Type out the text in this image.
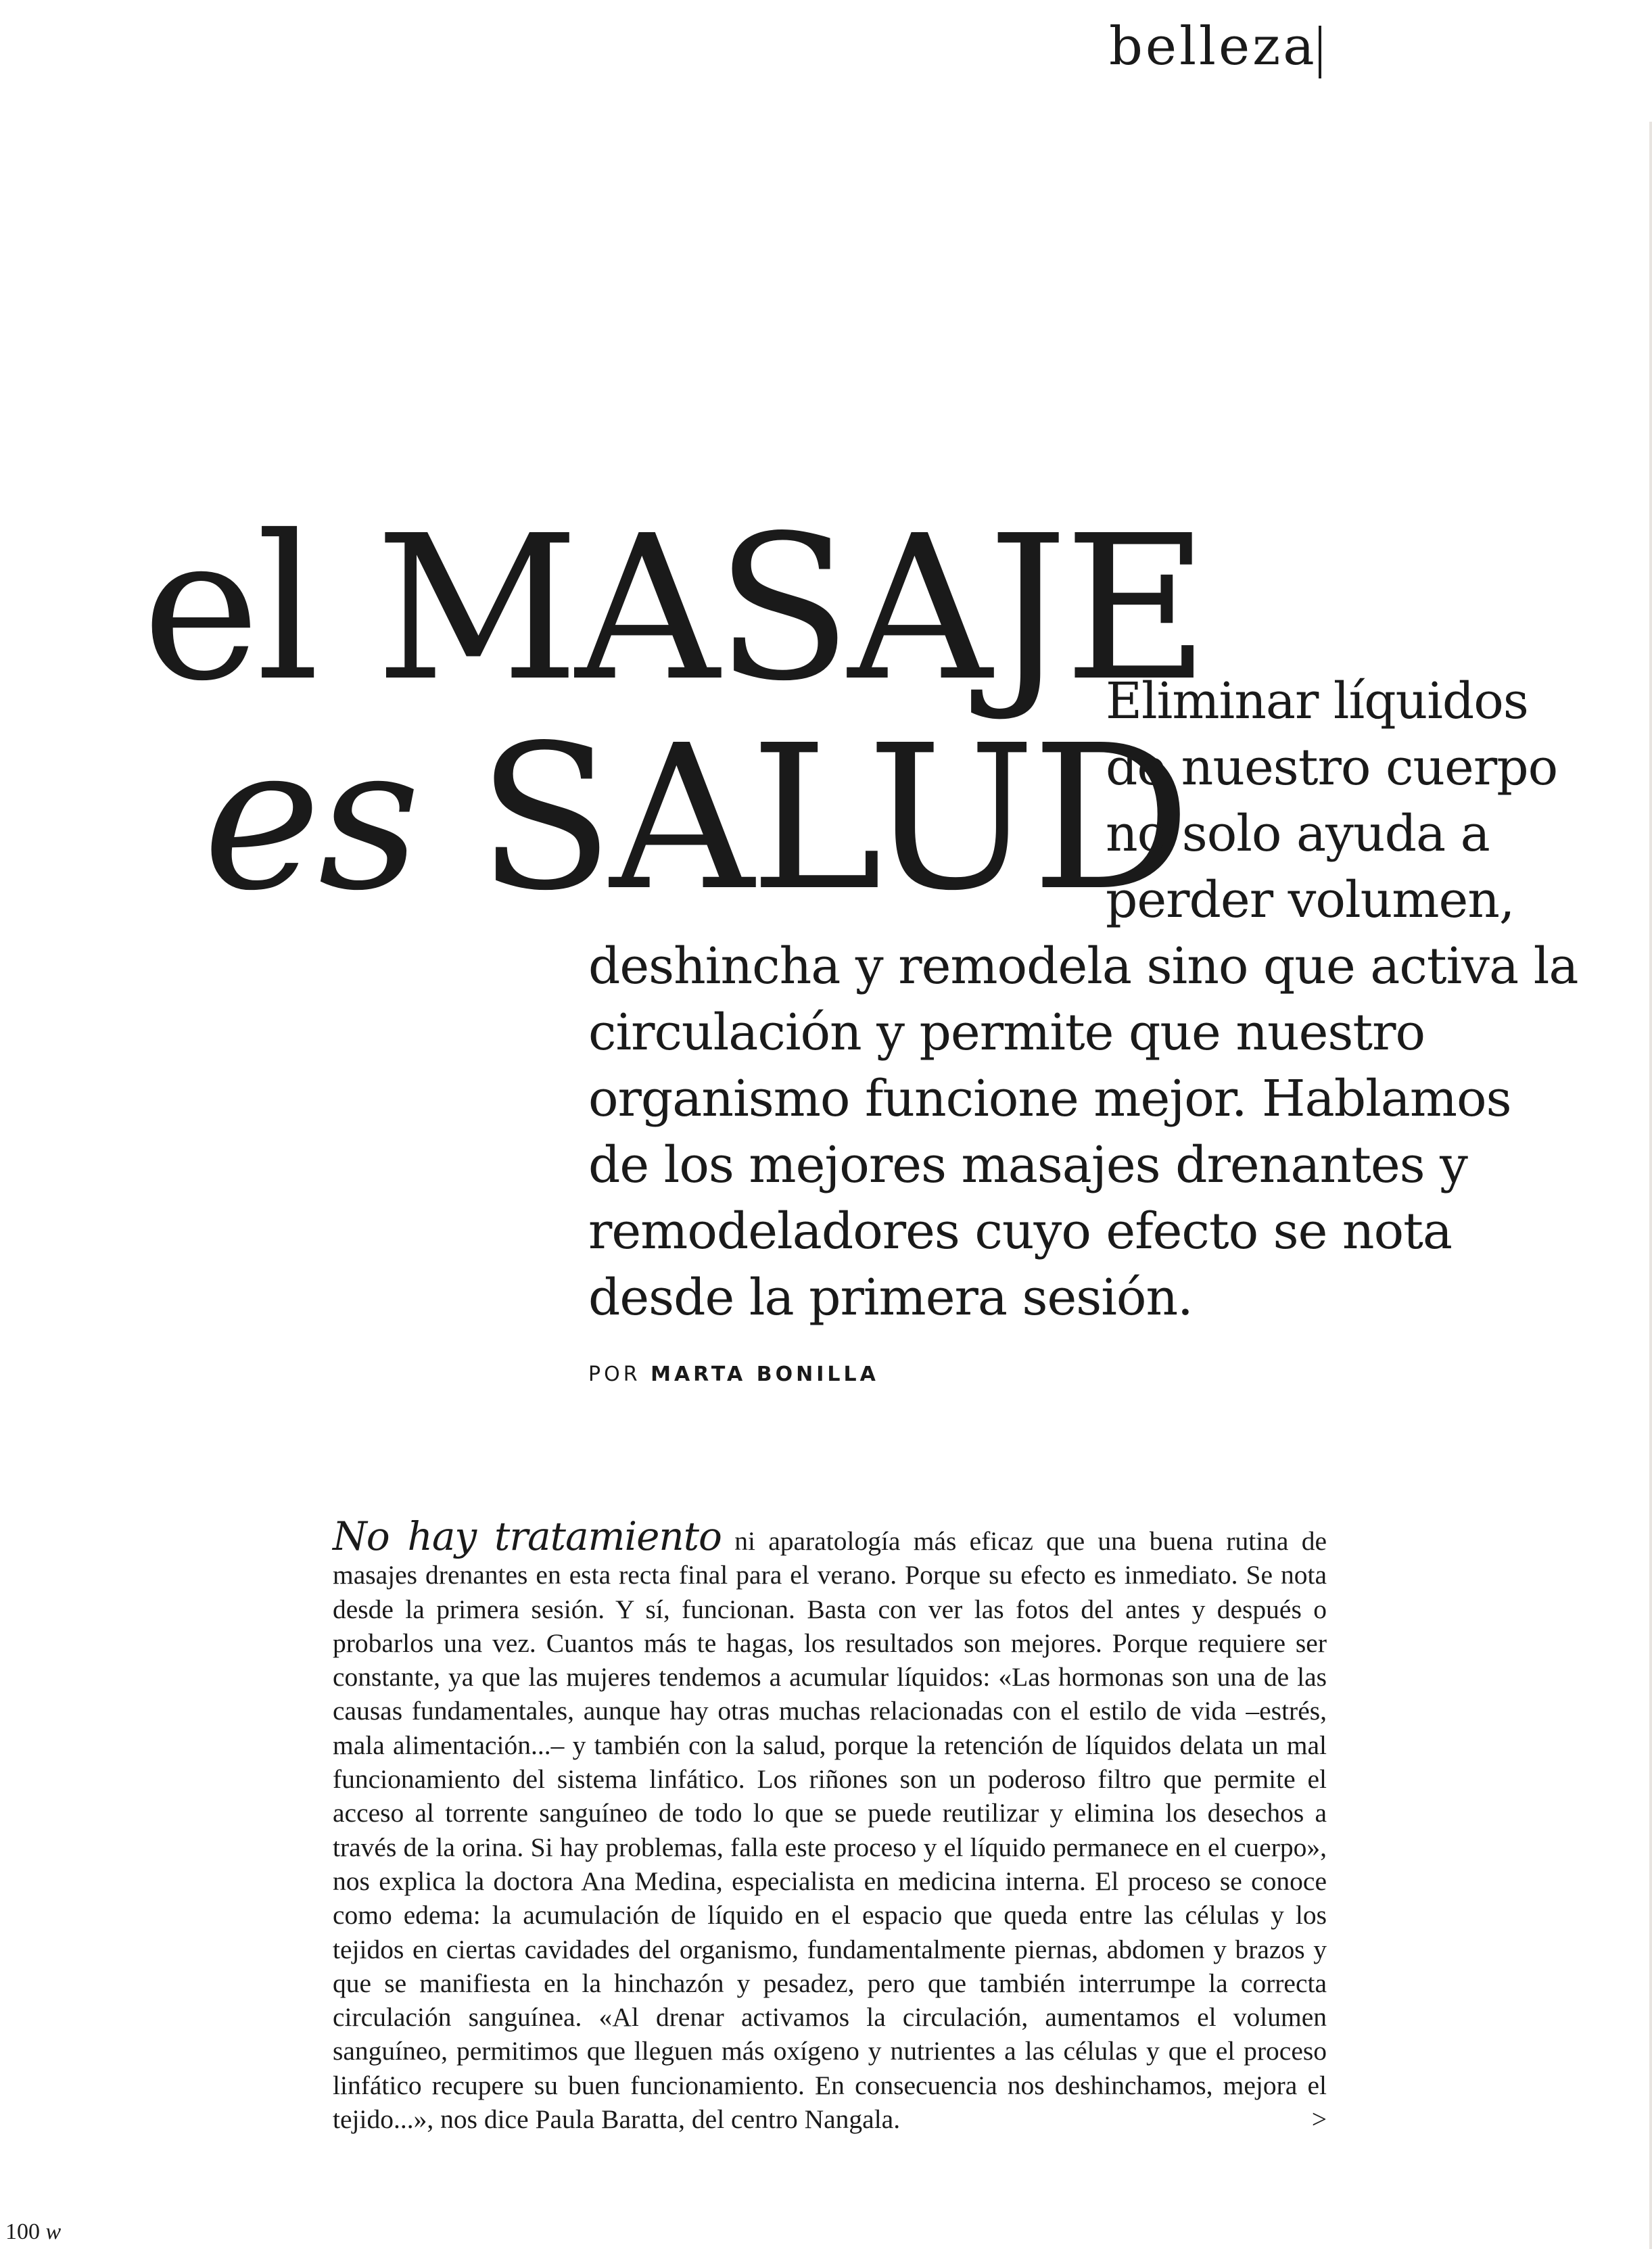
belleza
el MASAJE
es SALUD

Eliminar líquidos
de nuestro cuerpo
no solo ayuda a
perder volumen,

deshincha y remodela sino que activa la
circulación y permite que nuestro
organismo funcione mejor. Hablamos
de los mejores masajes drenantes y
remodeladores cuyo efecto se nota
desde la primera sesión.

POR MARTA BONILLA

No hay tratamiento ni aparatología más eficaz que una buena rutina de masajes drenantes en esta recta final para el verano. Porque su efecto es inmediato. Se nota desde la primera sesión. Y sí, funcionan. Basta con ver las fotos del antes y después o probarlos una vez. Cuantos más te hagas, los resultados son mejores. Porque requiere ser constante, ya que las mujeres tendemos a acumular líquidos: «Las hormonas son una de las causas fundamentales, aunque hay otras muchas relacionadas con el estilo de vida –estrés, mala alimentación...– y también con la salud, porque la retención de líquidos delata un mal funcionamiento del sistema linfático. Los riñones son un poderoso filtro que permite el acceso al torrente sanguíneo de todo lo que se puede reutilizar y elimina los desechos a través de la orina. Si hay problemas, falla este proceso y el líquido permanece en el cuerpo», nos explica la doctora Ana Medina, especialista en medicina interna. El proceso se conoce como edema: la acumulación de líquido en el espacio que queda entre las células y los tejidos en ciertas cavidades del organismo, fundamentalmente piernas, abdomen y brazos y que se manifiesta en la hinchazón y pesadez, pero que también interrumpe la correcta circulación sanguínea. «Al drenar activamos la circulación, aumentamos el volumen sanguíneo, permitimos que lleguen más oxígeno y nutrientes a las células y que el proceso linfático recupere su buen funcionamiento. En consecuencia nos deshinchamos, mejora el tejido...», nos dice Paula Baratta, del centro Nangala.	>

100 w
